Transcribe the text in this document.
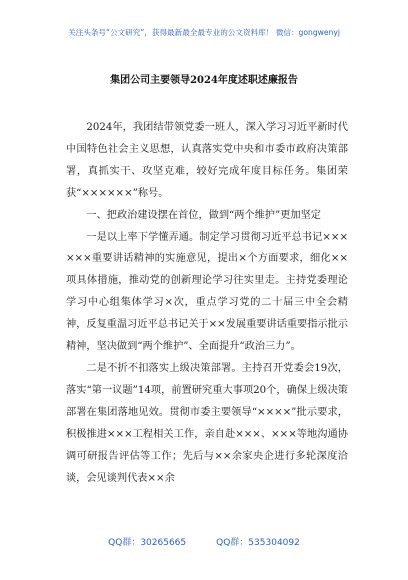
关注头条号“公文研究”，获得最新最全最专业的公文资料库！ 微信：gongwenyj
集团公司主要领导2024年度述职述廉报告

2024年，我团结带领党委一班人，深入学习习近平新时代中国特色社会主义思想，认真落实党中央和市委市政府决策部署，真抓实干、攻坚克难，较好完成年度目标任务。集团荣获“××××××”称号。

一、把政治建设摆在首位，做到“两个维护”更加坚定

一是以上率下学懂弄通。制定学习贯彻习近平总书记××××××重要讲话精神的实施意见，提出×个方面要求，细化××项具体措施，推动党的创新理论学习往实里走。主持党委理论学习中心组集体学习×次，重点学习党的二十届三中全会精神，反复重温习近平总书记关于××发展重要讲话重要指示批示精神，坚决做到“两个维护”、全面提升“政治三力”。

二是不折不扣落实上级决策部署。主持召开党委会19次，落实“第一议题”14项，前置研究重大事项20个，确保上级决策部署在集团落地见效。贯彻市委主要领导“××××”批示要求，积极推进×××工程相关工作，亲自赴×××、×××等地沟通协调可研报告评估等工作；先后与××余家央企进行多轮深度洽谈，会见谈判代表××余

QQ群：30265665	QQ群：535304092
